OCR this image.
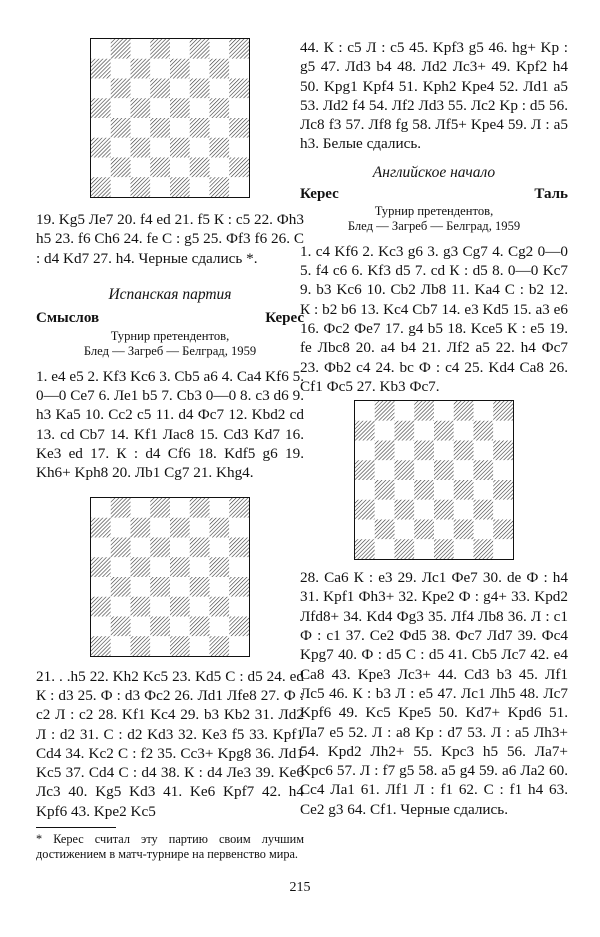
19. Kg5 Ле7 20. f4 ed 21. f5 К : c5 22. Фh3 h5 23. f6 Ch6 24. fe C : g5 25. Фf3 f6 26. C : d4 Kd7 27. h4. Черные сдались *.

Испанская партия

Смыслов	Керес

Турнир претендентов,

Блед — Загреб — Белград, 1959

1. e4 e5 2. Kf3 Kc6 3. Cb5 a6 4. Ca4 Kf6 5. 0—0 Ce7 6. Ле1 b5 7. Cb3 0—0 8. c3 d6 9. h3 Ka5 10. Cc2 c5 11. d4 Фc7 12. Kbd2 cd 13. cd Cb7 14. Kf1 Лас8 15. Cd3 Kd7 16. Ke3 ed 17. К : d4 Cf6 18. Kdf5 g6 19. Kh6+ Kph8 20. Лb1 Cg7 21. Khg4.

21. . .h5 22. Kh2 Kc5 23. Kd5 C : d5 24. ed К : d3 25. Ф : d3 Фc2 26. Лd1 Лfе8 27. Ф : c2 Л : c2 28. Kf1 Kc4 29. b3 Kb2 31. Лd2 Л : d2 31. C : d2 Kd3 32. Ke3 f5 33. Kpf1 Cd4 34. Kc2 C : f2 35. Cc3+ Kpg8 36. Лd1 Kc5 37. Cd4 C : d4 38. К : d4 Ле3 39. Ke6 Лc3 40. Kg5 Kd3 41. Ke6 Kpf7 42. h4 Kpf6 43. Kpe2 Kc5

* Керес считал эту партию своим лучшим достижением в матч-турнире на первенство мира.

44. К : c5 Л : c5 45. Kpf3 g5 46. hg+ Kp : g5 47. Лd3 b4 48. Лd2 Лс3+ 49. Kpf2 h4 50. Kpg1 Kpf4 51. Kph2 Kpe4 52. Лd1 a5 53. Лd2 f4 54. Лf2 Лd3 55. Лс2 Kp : d5 56. Лс8 f3 57. Лf8 fg 58. Лf5+ Kpe4 59. Л : a5 h3. Белые сдались.

Английское начало

Керес	Таль

Турнир претендентов,

Блед — Загреб — Белград, 1959

1. c4 Kf6 2. Kc3 g6 3. g3 Cg7 4. Cg2 0—0 5. f4 c6 6. Kf3 d5 7. cd К : d5 8. 0—0 Kc7 9. b3 Kc6 10. Cb2 Лb8 11. Ka4 C : b2 12. К : b2 b6 13. Kc4 Cb7 14. e3 Kd5 15. a3 e6 16. Фc2 Фe7 17. g4 b5 18. Kce5 К : e5 19. fe Лbс8 20. a4 b4 21. Лf2 a5 22. h4 Фc7 23. Фb2 c4 24. bc Ф : c4 25. Kd4 Ca8 26. Cf1 Фc5 27. Kb3 Фc7.

28. Ca6 К : e3 29. Лc1 Фe7 30. de Ф : h4 31. Kpf1 Фh3+ 32. Kpe2 Ф : g4+ 33. Kpd2 Лfd8+ 34. Kd4 Фg3 35. Лf4 Лb8 36. Л : c1 Ф : c1 37. Ce2 Фd5 38. Фc7 Лd7 39. Фc4 Kpg7 40. Ф : d5 C : d5 41. Cb5 Лс7 42. e4 Ca8 43. Kpe3 Лс3+ 44. Cd3 b3 45. Лf1 Лс5 46. К : b3 Л : e5 47. Лс1 Лh5 48. Лс7 Kpf6 49. Kc5 Kpe5 50. Kd7+ Kpd6 51. Лa7 e5 52. Л : a8 Kp : d7 53. Л : a5 Лh3+ 54. Kpd2 Лh2+ 55. Kpc3 h5 56. Лa7+ Kpc6 57. Л : f7 g5 58. a5 g4 59. a6 Лa2 60. Cc4 Лa1 61. Лf1 Л : f1 62. C : f1 h4 63. Ce2 g3 64. Cf1. Черные сдались.

215
